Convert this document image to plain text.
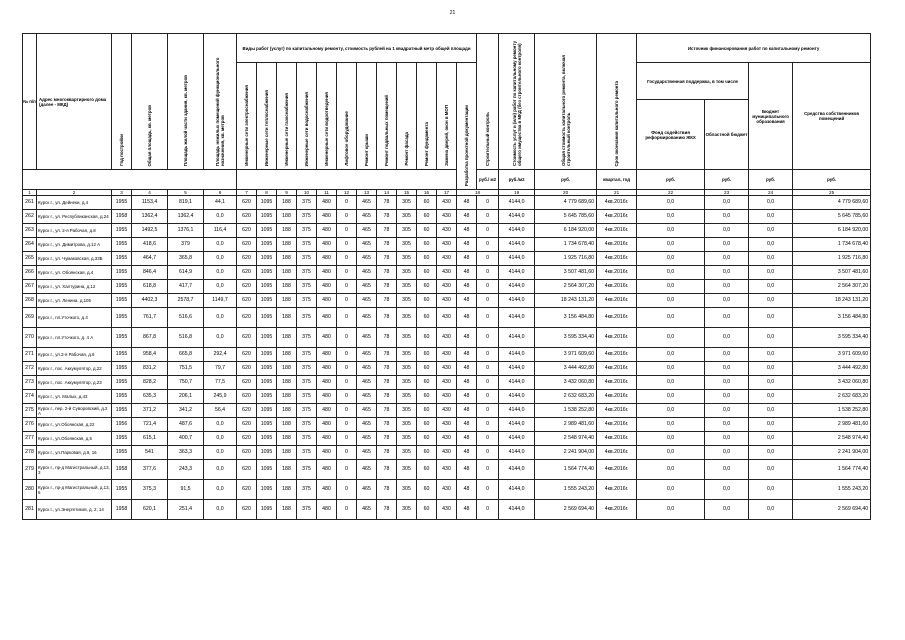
21
№ п/п	Адрес многоквартирного дома (далее - МКД)	Год постройки	Общая площадь, кв. метров	Площадь жилой части здания, кв. метров	Площадь нежилых помещений функционального назначения, кв. метров	Виды работ (услуг) по капитальному ремонту, стоимость рублей на 1 квадратный метр общей площади												Строительный контроль	Стоимость услуг и (или) работ по капитальному ремонту общего имущества в МКД (без строительного контроля)	Общая стоимость капитального ремонта, включая строительный контроль	Срок окончания капитального ремонта	Источник финансирования работ по капитальному ремонту			
						Инженерные сети электроснабжения	Инженерные сети теплоснабжения	Инженерные сети газоснабжения	Инженерные сети водоснабжения	Инженерные сети водоотведения	Лифтовое оборудование	Ремонт крыши	Ремонт подвальных помещений	Ремонт фасада	Ремонт фундамента	Замена дверей, окон в МОП	Разработка проектной документации					Государственная поддержка, в том числе		Бюджет муниципального образования	Средства собственников помещений
																						Фонд содействия реформированию ЖКХ	Областной бюджет		
																		руб./ м2	руб./м2	руб.	квартал, год	руб.	руб.	руб.	руб.
1	2	3	4	5	6	7	8	9	10	11	12	13	14	15	16	17	18		19	20	21	22	23	24	25
261	Курск г., ул. Дейнеки, д.4	1955	1153,4	819,1	44,1	620	1095	188	375	480	0	465	78	305	60	430	48	0	4144,0	4 779 689,60	4кв.2016г.	0,0	0,0	0,0	4 779 689,60
262	Курск г., ул. Республиканская, д.24	1958	1362,4	1362,4	0,0	620	1095	188	375	480	0	465	78	305	60	430	48	0	4144,0	5 645 785,60	4кв.2016г.	0,0	0,0	0,0	5 645 785,60
263	Курск г., ул. 2-я Рабочая, д.8	1955	1492,5	1376,1	116,4	620	1095	188	375	480	0	465	78	305	60	430	48	0	4144,0	6 184 920,00	4кв.2016г.	0,0	0,0	0,0	6 184 920,00
264	Курск г., ул. Димитрова, д.12 А	1955	418,6	379	0,0	620	1095	188	375	480	0	465	78	305	60	430	48	0	4144,0	1 734 678,40	4кв.2016г.	0,0	0,0	0,0	1 734 678,40
265	Курск г., ул. Чумаковская, д.33Б	1955	464,7	365,8	0,0	620	1095	188	375	480	0	465	78	305	60	430	48	0	4144,0	1 925 716,80	4кв.2016г.	0,0	0,0	0,0	1 925 716,80
266	Курск г., ул. Обоянская, д.4	1955	846,4	614,9	0,0	620	1095	188	375	480	0	465	78	305	60	430	48	0	4144,0	3 507 481,60	4кв.2016г.	0,0	0,0	0,0	3 507 481,60
267	Курск г., ул. Халтурина, д.12	1955	618,8	417,7	0,0	620	1095	188	375	480	0	465	78	305	60	430	48	0	4144,0	2 564 307,20	4кв.2016г.	0,0	0,0	0,0	2 564 307,20
268	Курск г., ул. Ленина, д.105	1955	4402,3	2578,7	1149,7	620	1095	188	375	480	0	465	78	305	60	430	48	0	4144,0	18 243 131,20	4кв.2016г.	0,0	0,0	0,0	18 243 131,20
269	Курск г., пл.Уточкого, д.4	1955	761,7	516,6	0,0	620	1095	188	375	480	0	465	78	305	60	430	48	0	4144,0	3 156 484,80	4кв.2016г.	0,0	0,0	0,0	3 156 484,80
270	Курск г., пл.Уточкого, д. 4 А	1955	867,8	516,8	0,0	620	1095	188	375	480	0	465	78	305	60	430	48	0	4144,0	3 595 334,40	4кв.2016г.	0,0	0,0	0,0	3 595 334,40
271	Курск г., ул.2-я Рабочая, д.6	1955	958,4	665,8	292,4	620	1095	188	375	480	0	465	78	305	60	430	48	0	4144,0	3 971 609,60	4кв.2016г.	0,0	0,0	0,0	3 971 609,60
272	Курск г., пос. Аккумулятор, д.22	1955	831,2	751,5	79,7	620	1095	188	375	480	0	465	78	305	60	430	48	0	4144,0	3 444 492,80	4кв.2016г.	0,0	0,0	0,0	3 444 492,80
273	Курск г., пос. Аккумулятор, д.23	1955	828,2	750,7	77,5	620	1095	188	375	480	0	465	78	305	60	430	48	0	4144,0	3 432 060,80	4кв.2016г.	0,0	0,0	0,0	3 432 060,80
274	Курск г., ул. Малых, д.43	1955	635,3	206,1	245,9	620	1095	188	375	480	0	465	78	305	60	430	48	0	4144,0	2 632 683,20	4кв.2016г.	0,0	0,0	0,0	2 632 683,20
275	Курск г., пер. 2-й Суворовский, д.2 А	1955	371,2	341,2	56,4	620	1095	188	375	480	0	465	78	305	60	430	48	0	4144,0	1 538 252,80	4кв.2016г.	0,0	0,0	0,0	1 538 252,80
276	Курск г., ул.Обоянская, д.22	1956	721,4	487,6	0,0	620	1095	188	375	480	0	465	78	305	60	430	48	0	4144,0	2 989 481,60	4кв.2016г.	0,0	0,0	0,0	2 989 481,60
277	Курск г., ул.Обоянская, д.5	1955	615,1	400,7	0,0	620	1095	188	375	480	0	465	78	305	60	430	48	0	4144,0	2 548 974,40	4кв.2016г.	0,0	0,0	0,0	2 548 974,40
278	Курск г., ул.Парковая, д.9, 16	1955	541	363,3	0,0	620	1095	188	375	480	0	465	78	305	60	430	48	0	4144,0	2 241 904,00	4кв.2016г.	0,0	0,0	0,0	2 241 904,00
279	Курск г., пр-д Магистральный, д.13, 3	1958	377,6	243,3	0,0	620	1095	188	375	480	0	465	78	305	60	430	48	0	4144,0	1 564 774,40	4кв.2016г.	0,0	0,0	0,0	1 564 774,40
280	Курск г., пр-д Магистральный, д.13, 6	1955	375,3	91,5	0,0	620	1095	188	375	480	0	465	78	305	60	430	48	0	4144,0	1 555 243,20	4кв.2016г.	0,0	0,0	0,0	1 555 243,20
281	Курск г., ул.Энергетиков, д. 2, 14	1958	620,1	251,4	0,0	620	1095	188	375	480	0	465	78	305	60	430	48	0	4144,0	2 569 694,40	4кв.2016г.	0,0	0,0	0,0	2 569 694,40
